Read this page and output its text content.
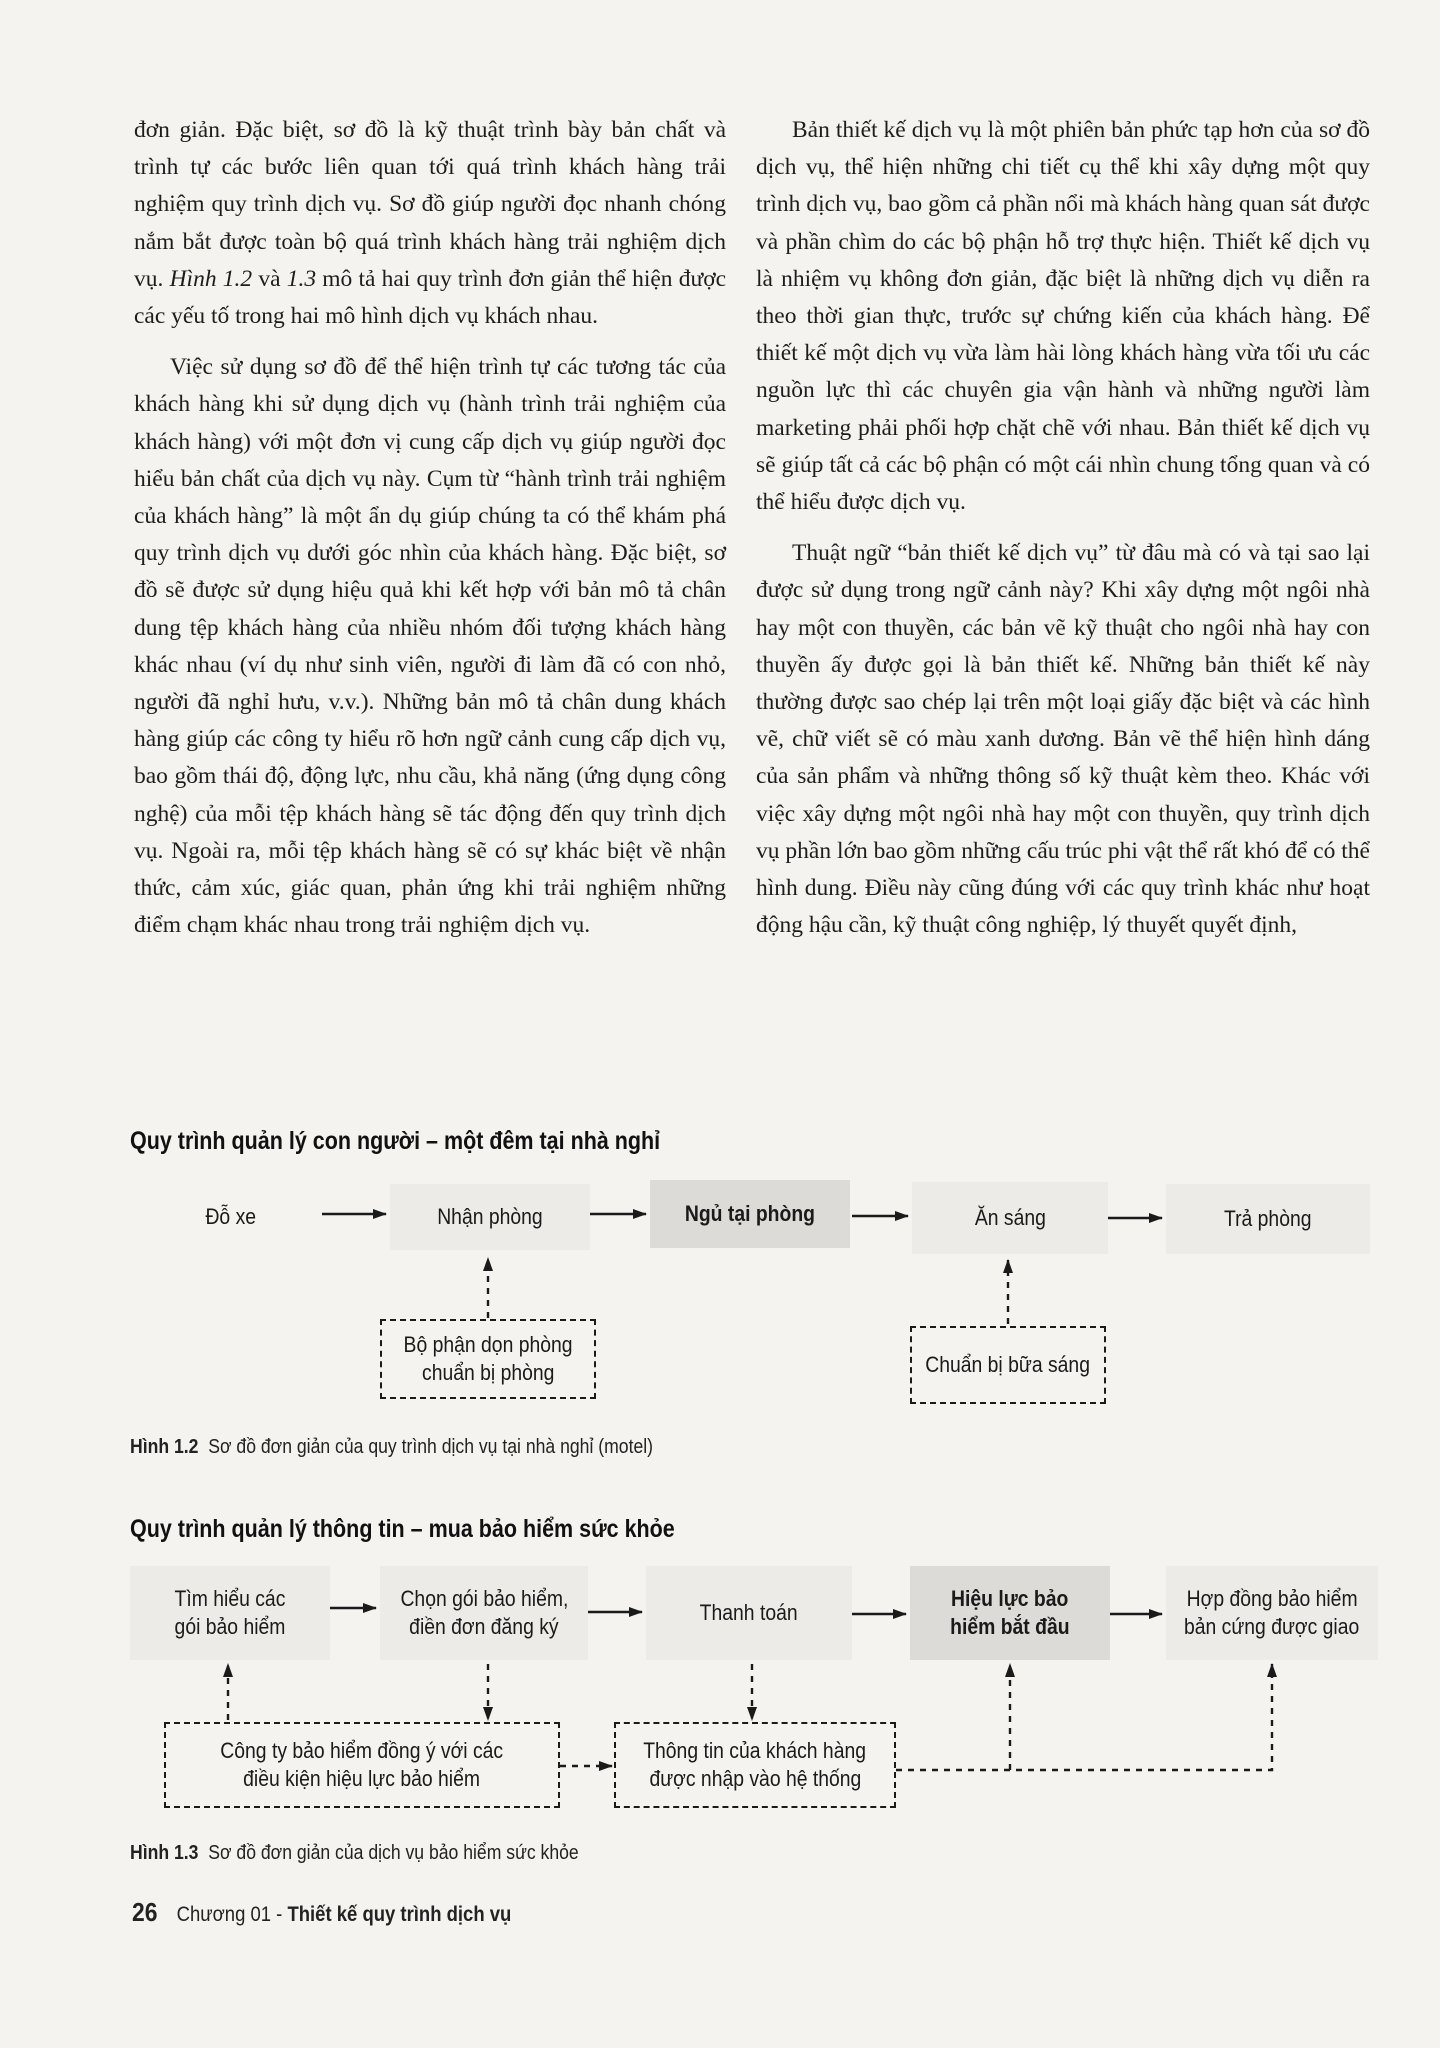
đơn giản. Đặc biệt, sơ đồ là kỹ thuật trình bày bản chất và trình tự các bước liên quan tới quá trình khách hàng trải nghiệm quy trình dịch vụ. Sơ đồ giúp người đọc nhanh chóng nắm bắt được toàn bộ quá trình khách hàng trải nghiệm dịch vụ. Hình 1.2 và 1.3 mô tả hai quy trình đơn giản thể hiện được các yếu tố trong hai mô hình dịch vụ khách nhau.

Việc sử dụng sơ đồ để thể hiện trình tự các tương tác của khách hàng khi sử dụng dịch vụ (hành trình trải nghiệm của khách hàng) với một đơn vị cung cấp dịch vụ giúp người đọc hiểu bản chất của dịch vụ này. Cụm từ “hành trình trải nghiệm của khách hàng” là một ẩn dụ giúp chúng ta có thể khám phá quy trình dịch vụ dưới góc nhìn của khách hàng. Đặc biệt, sơ đồ sẽ được sử dụng hiệu quả khi kết hợp với bản mô tả chân dung tệp khách hàng của nhiều nhóm đối tượng khách hàng khác nhau (ví dụ như sinh viên, người đi làm đã có con nhỏ, người đã nghỉ hưu, v.v.). Những bản mô tả chân dung khách hàng giúp các công ty hiểu rõ hơn ngữ cảnh cung cấp dịch vụ, bao gồm thái độ, động lực, nhu cầu, khả năng (ứng dụng công nghệ) của mỗi tệp khách hàng sẽ tác động đến quy trình dịch vụ. Ngoài ra, mỗi tệp khách hàng sẽ có sự khác biệt về nhận thức, cảm xúc, giác quan, phản ứng khi trải nghiệm những điểm chạm khác nhau trong trải nghiệm dịch vụ.

Bản thiết kế dịch vụ là một phiên bản phức tạp hơn của sơ đồ dịch vụ, thể hiện những chi tiết cụ thể khi xây dựng một quy trình dịch vụ, bao gồm cả phần nổi mà khách hàng quan sát được và phần chìm do các bộ phận hỗ trợ thực hiện. Thiết kế dịch vụ là nhiệm vụ không đơn giản, đặc biệt là những dịch vụ diễn ra theo thời gian thực, trước sự chứng kiến của khách hàng. Để thiết kế một dịch vụ vừa làm hài lòng khách hàng vừa tối ưu các nguồn lực thì các chuyên gia vận hành và những người làm marketing phải phối hợp chặt chẽ với nhau. Bản thiết kế dịch vụ sẽ giúp tất cả các bộ phận có một cái nhìn chung tổng quan và có thể hiểu được dịch vụ.

Thuật ngữ “bản thiết kế dịch vụ” từ đâu mà có và tại sao lại được sử dụng trong ngữ cảnh này? Khi xây dựng một ngôi nhà hay một con thuyền, các bản vẽ kỹ thuật cho ngôi nhà hay con thuyền ấy được gọi là bản thiết kế. Những bản thiết kế này thường được sao chép lại trên một loại giấy đặc biệt và các hình vẽ, chữ viết sẽ có màu xanh dương. Bản vẽ thể hiện hình dáng của sản phẩm và những thông số kỹ thuật kèm theo. Khác với việc xây dựng một ngôi nhà hay một con thuyền, quy trình dịch vụ phần lớn bao gồm những cấu trúc phi vật thể rất khó để có thể hình dung. Điều này cũng đúng với các quy trình khác như hoạt động hậu cần, kỹ thuật công nghiệp, lý thuyết quyết định,

Quy trình quản lý con người – một đêm tại nhà nghỉ
Đỗ xe	Nhận phòng	Ngủ tại phòng	Ăn sáng	Trả phòng
Bộ phận dọn phòng
chuẩn bị phòng	Chuẩn bị bữa sáng
Hình 1.2 Sơ đồ đơn giản của quy trình dịch vụ tại nhà nghỉ (motel)
Quy trình quản lý thông tin – mua bảo hiểm sức khỏe
Tìm hiểu các
gói bảo hiểm
Chọn gói bảo hiểm,
điền đơn đăng ký
Thanh toán
Hiệu lực bảo
hiểm bắt đầu
Hợp đồng bảo hiểm
bản cứng được giao
Công ty bảo hiểm đồng ý với các
điều kiện hiệu lực bảo hiểm
Thông tin của khách hàng
được nhập vào hệ thống
Hình 1.3 Sơ đồ đơn giản của dịch vụ bảo hiểm sức khỏe
26 Chương 01 - Thiết kế quy trình dịch vụ
